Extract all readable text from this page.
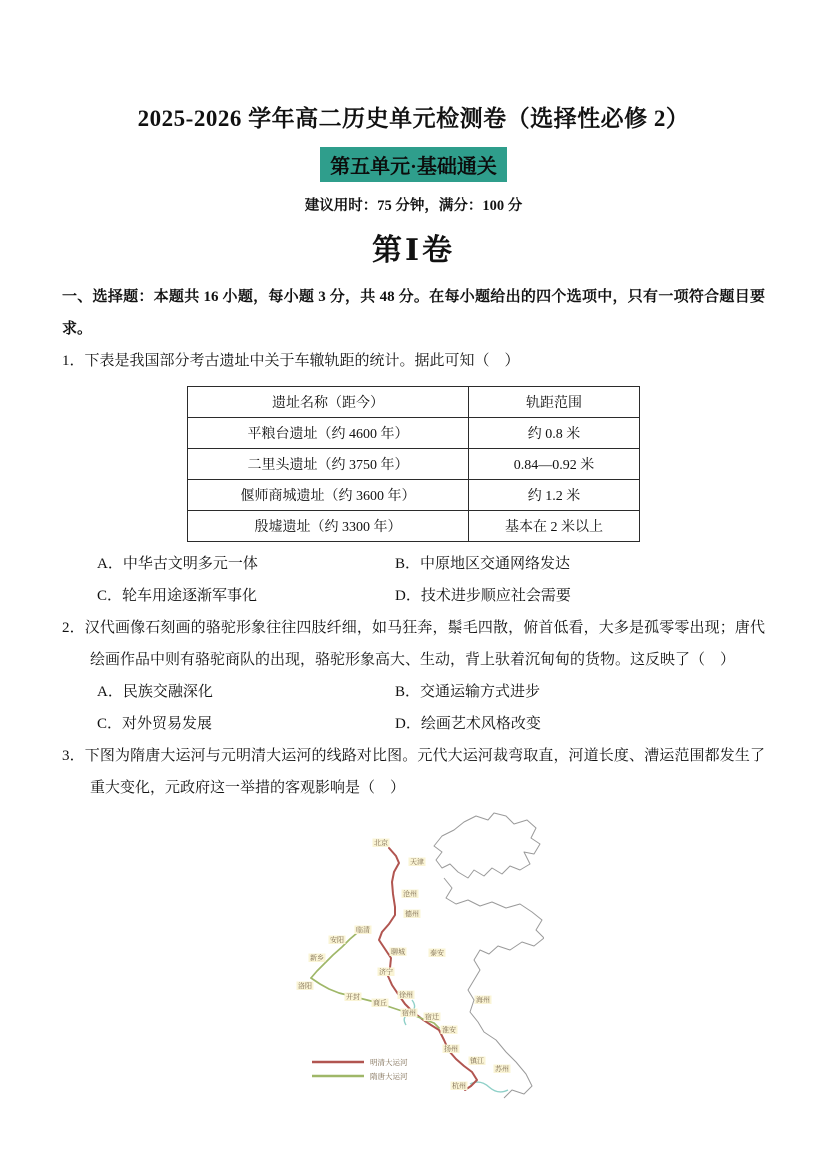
2025-2026 学年高二历史单元检测卷（选择性必修 2）
第五单元·基础通关
建议用时：75 分钟，满分：100 分
第Ⅰ卷

一、选择题：本题共 16 小题，每小题 3 分，共 48 分。在每小题给出的四个选项中，只有一项符合题目要求。

1．下表是我国部分考古遗址中关于车辙轨距的统计。据此可知（　）

遗址名称（距今）	轨距范围
平粮台遗址（约 4600 年）	约 0.8 米
二里头遗址（约 3750 年）	0.84—0.92 米
偃师商城遗址（约 3600 年）	约 1.2 米
殷墟遗址（约 3300 年）	基本在 2 米以上
A．中华古文明多元一体	B．中原地区交通网络发达
C．轮车用途逐渐军事化	D．技术进步顺应社会需要

2．汉代画像石刻画的骆驼形象往往四肢纤细，如马狂奔，鬃毛四散，俯首低看，大多是孤零零出现；唐代绘画作品中则有骆驼商队的出现，骆驼形象高大、生动，背上驮着沉甸甸的货物。这反映了（　）

A．民族交融深化	B．交通运输方式进步
C．对外贸易发展	D．绘画艺术风格改变

3．下图为隋唐大运河与元明清大运河的线路对比图。元代大运河裁弯取直，河道长度、漕运范围都发生了重大变化，元政府这一举措的客观影响是（　）

北京
天津
沧州
德州
临清
聊城	泰安
安阳
新乡
洛阳
开封
商丘
宿州
济宁
徐州
宿迁
淮安
海州
扬州
镇江
苏州
杭州
明清大运河
隋唐大运河
